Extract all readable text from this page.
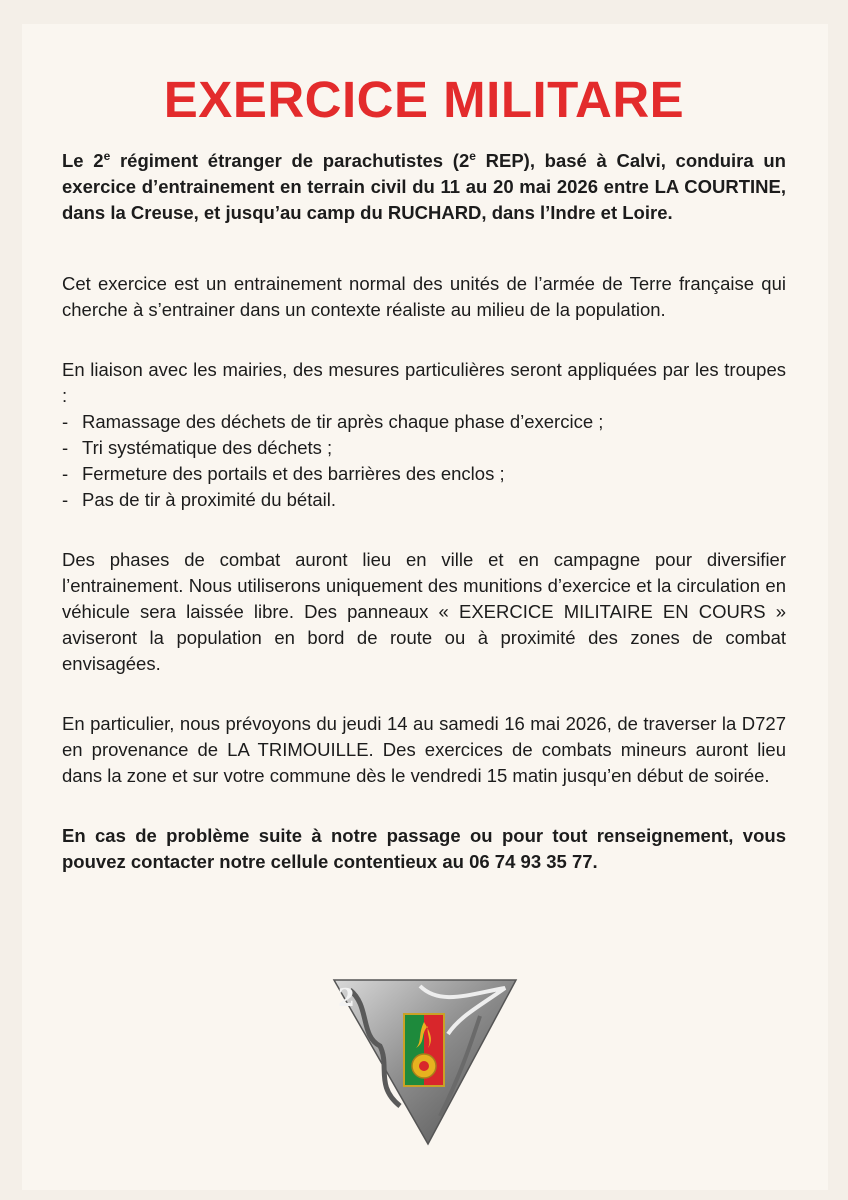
EXERCICE MILITARE

Le 2e régiment étranger de parachutistes (2e REP), basé à Calvi, conduira un exercice d’entrainement en terrain civil du 11 au 20 mai 2026 entre LA COURTINE, dans la Creuse, et jusqu’au camp du RUCHARD, dans l’Indre et Loire.

Cet exercice est un entrainement normal des unités de l’armée de Terre française qui cherche à s’entrainer dans un contexte réaliste au milieu de la population.

En liaison avec les mairies, des mesures particulières seront appliquées par les troupes :

- Ramassage des déchets de tir après chaque phase d’exercice ;
- Tri systématique des déchets ;
- Fermeture des portails et des barrières des enclos ;
- Pas de tir à proximité du bétail.

Des phases de combat auront lieu en ville et en campagne pour diversifier l’entrainement. Nous utiliserons uniquement des munitions d’exercice et la circulation en véhicule sera laissée libre. Des panneaux « EXERCICE MILITAIRE EN COURS » aviseront la population en bord de route ou à proximité des zones de combat envisagées.

En particulier, nous prévoyons du jeudi 14 au samedi 16 mai 2026, de traverser la D727 en provenance de LA TRIMOUILLE. Des exercices de combats mineurs auront lieu dans la zone et sur votre commune dès le vendredi 15 matin jusqu’en début de soirée.

En cas de problème suite à notre passage ou pour tout renseignement, vous pouvez contacter notre cellule contentieux au 06 74 93 35 77.

2
